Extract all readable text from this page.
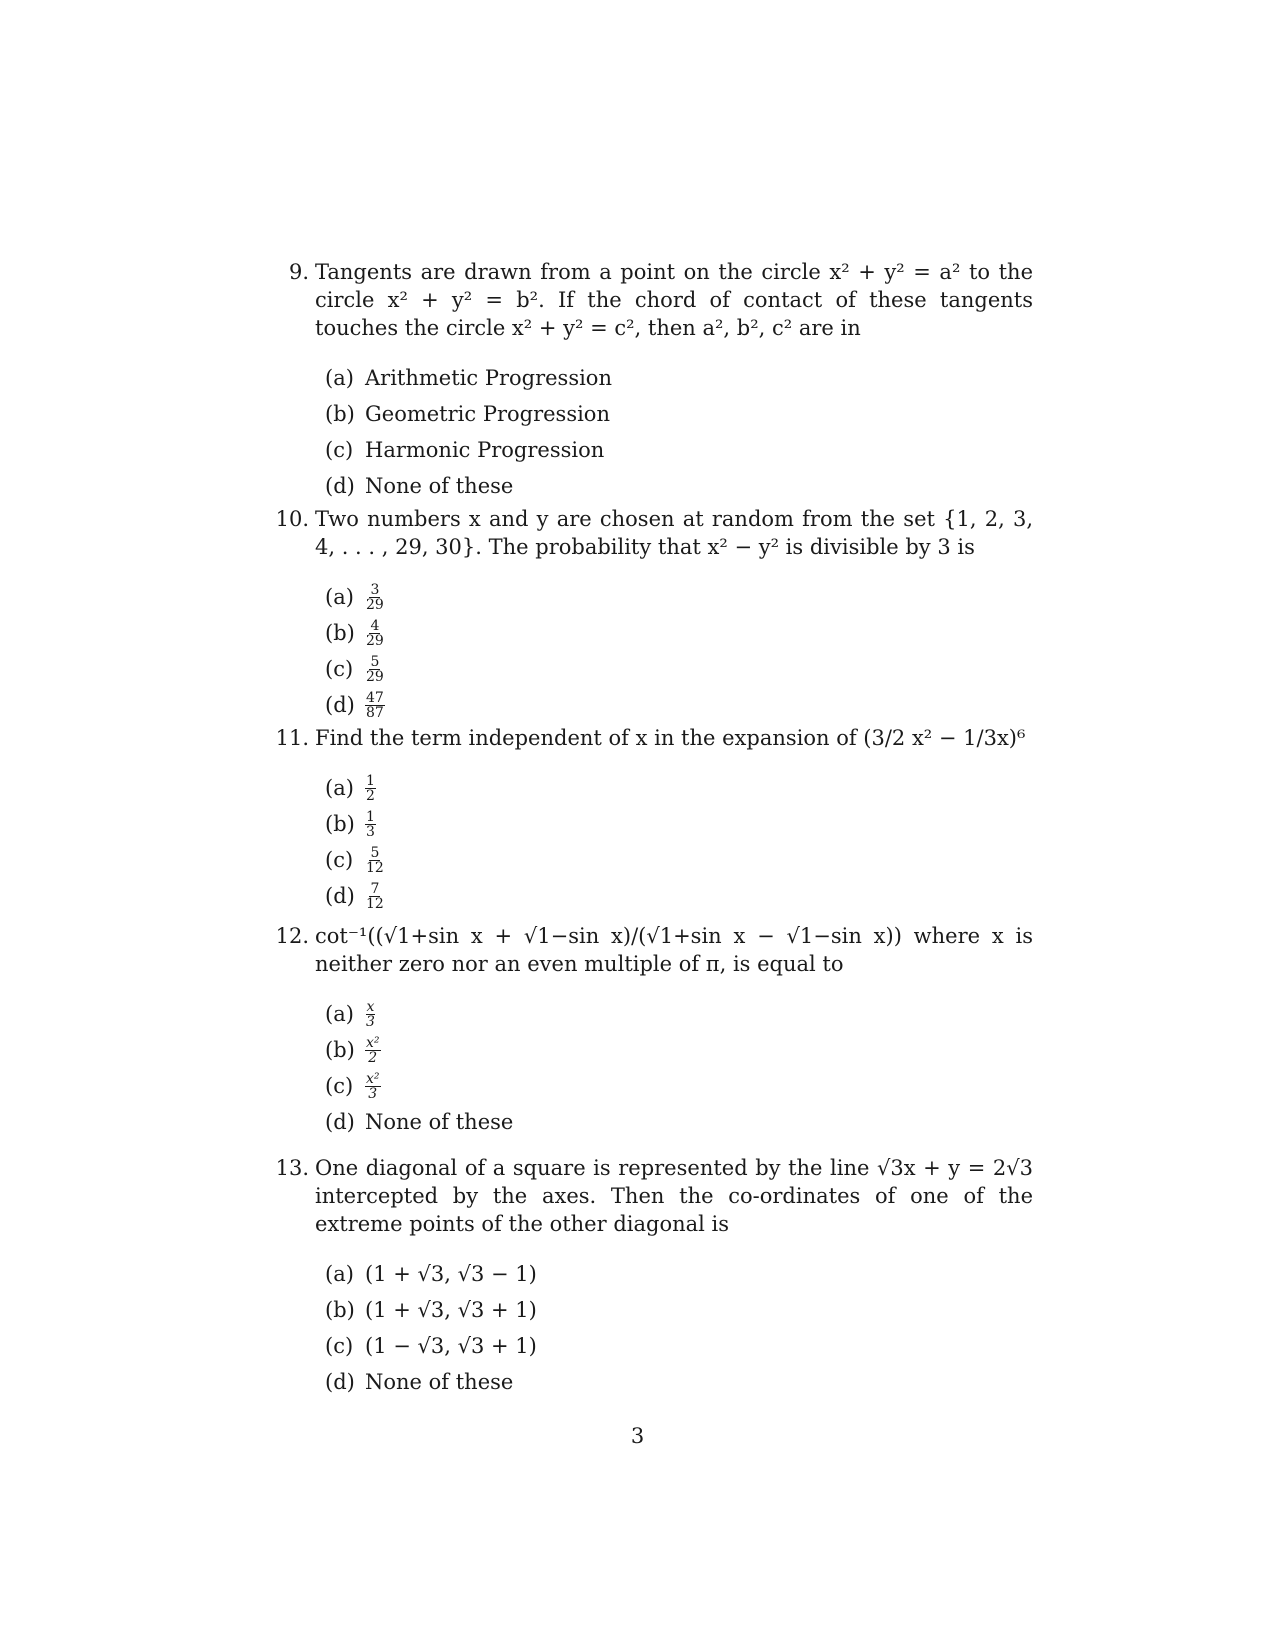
9. Tangents are drawn from a point on the circle x² + y² = a² to the circle x² + y² = b². If the chord of contact of these tangents touches the circle x² + y² = c², then a², b², c² are in
(a) Arithmetic Progression
(b) Geometric Progression
(c) Harmonic Progression
(d) None of these
10. Two numbers x and y are chosen at random from the set {1, 2, 3, 4, . . . , 29, 30}. The probability that x² − y² is divisible by 3 is
$(a) \frac{3}{29}$
$(b) \frac{4}{29}$
$(c) \frac{5}{29}$
$(d) \frac{47}{87}$
11. Find the term independent of x in the expansion of (3/2 x² − 1/3x)⁶
$(a) \frac{1}{2}$
$(b) \frac{1}{3}$
$(c) \frac{5}{12}$
$(d) \frac{7}{12}$
12. cot⁻¹((√1+sin x + √1−sin x)/(√1+sin x − √1−sin x)) where x is neither zero nor an even multiple of π, is equal to
$(a) \frac{x}{3}$
$(b) \frac{\text{x²}}{2}$
$(c) \frac{\text{x²}}{3}$
(d) None of these
13. One diagonal of a square is represented by the line √3x + y = 2√3 intercepted by the axes. Then the co-ordinates of one of the extreme points of the other diagonal is
(a) (1 + √3, √3 − 1)
(b) (1 + √3, √3 + 1)
(c) (1 − √3, √3 + 1)
(d) None of these
3
